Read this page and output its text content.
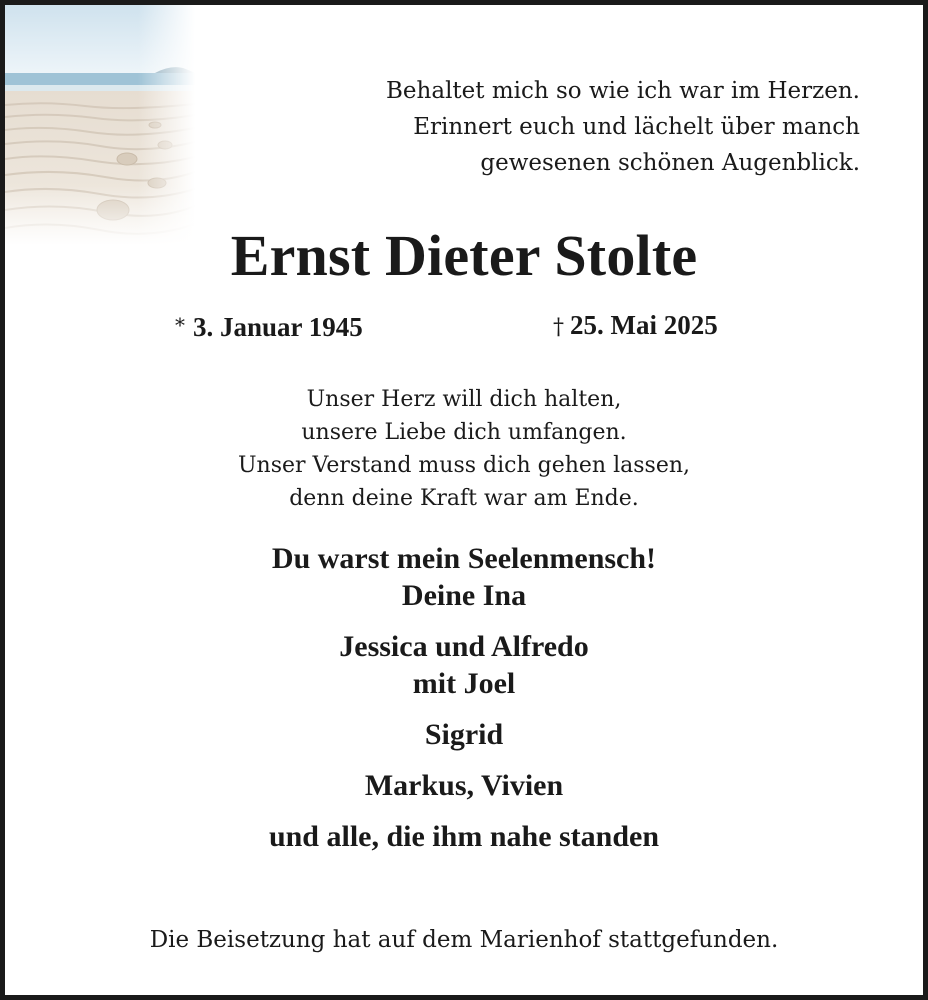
Behaltet mich so wie ich war im Herzen.
Erinnert euch und lächelt über manch
gewesenen schönen Augenblick.
Ernst Dieter Stolte
* 3. Januar 1945	† 25. Mai 2025
Unser Herz will dich halten,
unsere Liebe dich umfangen.
Unser Verstand muss dich gehen lassen,
denn deine Kraft war am Ende.
Du warst mein Seelenmensch!
Deine Ina
Jessica und Alfredo
mit Joel
Sigrid
Markus, Vivien
und alle, die ihm nahe standen
Die Beisetzung hat auf dem Marienhof stattgefunden.
